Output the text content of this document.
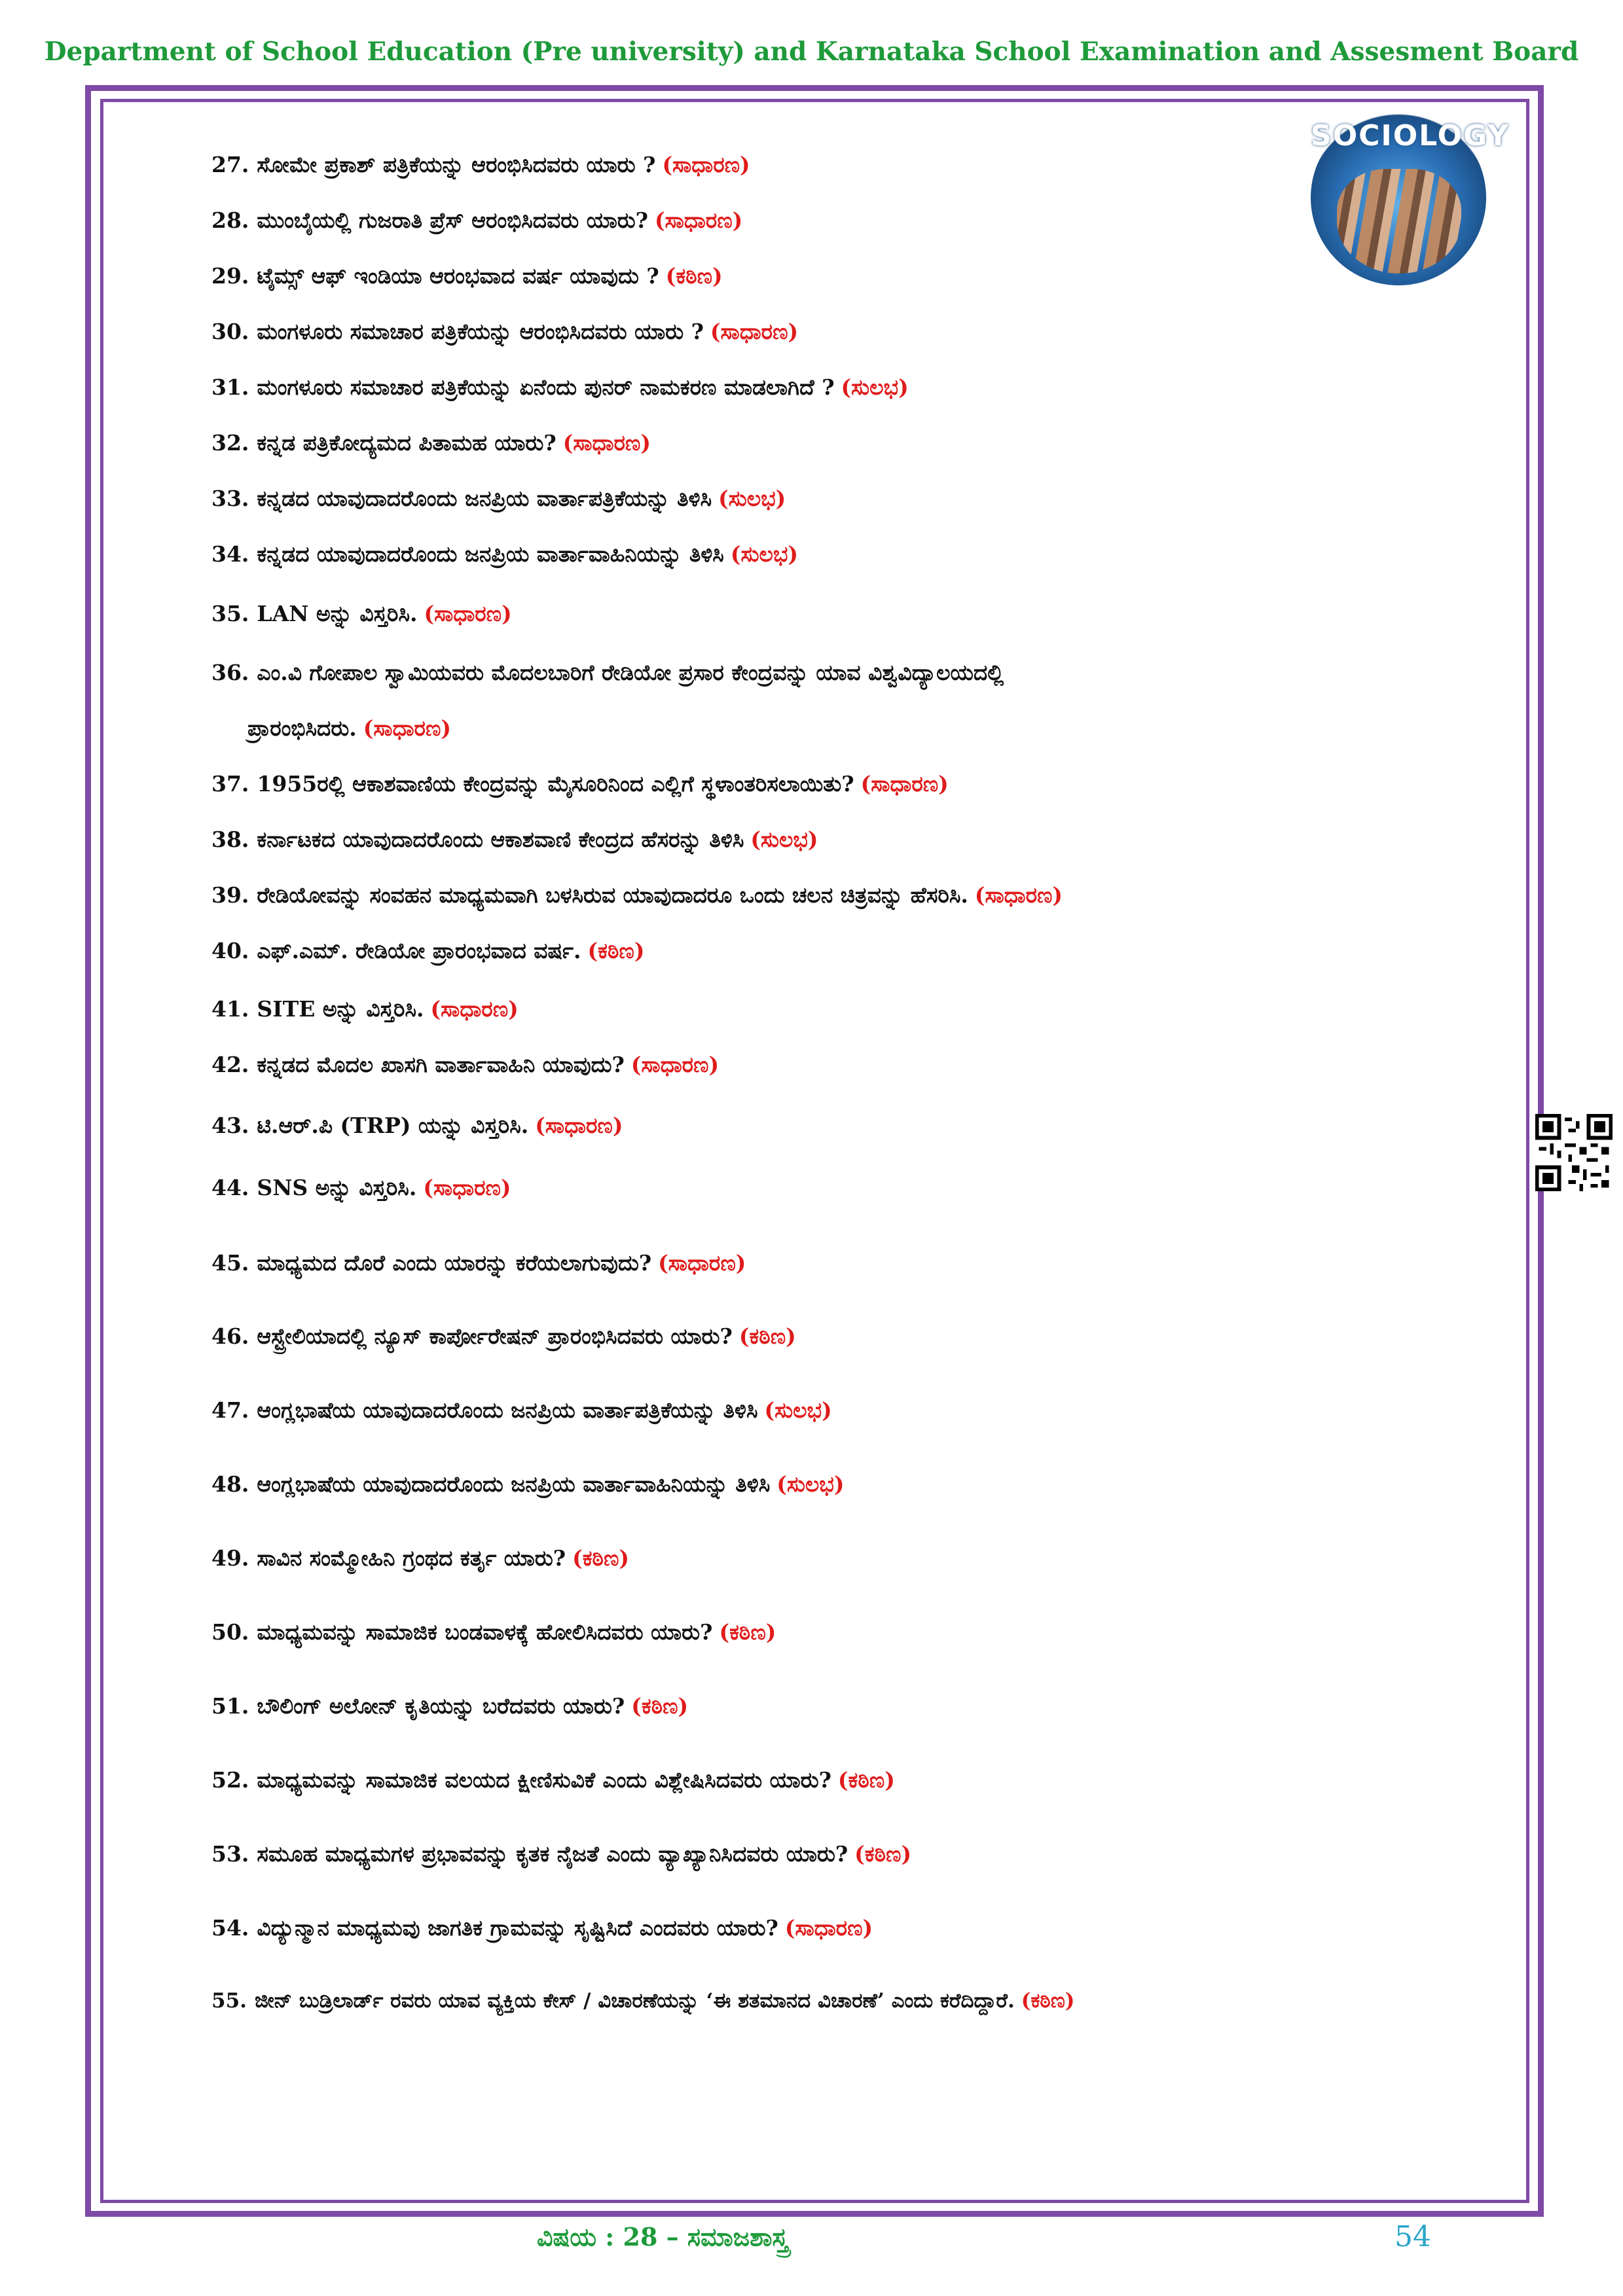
Department of School Education (Pre university) and Karnataka School Examination and Assesment Board
SOCIOLOGY
27. ಸೋಮೇ ಪ್ರಕಾಶ್ ಪತ್ರಿಕೆಯನ್ನು ಆರಂಭಿಸಿದವರು ಯಾರು ? (ಸಾಧಾರಣ)
28. ಮುಂಬೈಯಲ್ಲಿ ಗುಜರಾತಿ ಪ್ರೆಸ್ ಆರಂಭಿಸಿದವರು ಯಾರು? (ಸಾಧಾರಣ)
29. ಟೈಮ್ಸ್ ಆಫ್ ಇಂಡಿಯಾ ಆರಂಭವಾದ ವರ್ಷ ಯಾವುದು ? (ಕಠಿಣ)
30. ಮಂಗಳೂರು ಸಮಾಚಾರ ಪತ್ರಿಕೆಯನ್ನು ಆರಂಭಿಸಿದವರು ಯಾರು ? (ಸಾಧಾರಣ)
31. ಮಂಗಳೂರು ಸಮಾಚಾರ ಪತ್ರಿಕೆಯನ್ನು ಏನೆಂದು ಪುನರ್ ನಾಮಕರಣ ಮಾಡಲಾಗಿದೆ ? (ಸುಲಭ)
32. ಕನ್ನಡ ಪತ್ರಿಕೋದ್ಯಮದ ಪಿತಾಮಹ ಯಾರು? (ಸಾಧಾರಣ)
33. ಕನ್ನಡದ ಯಾವುದಾದರೊಂದು ಜನಪ್ರಿಯ ವಾರ್ತಾಪತ್ರಿಕೆಯನ್ನು ತಿಳಿಸಿ (ಸುಲಭ)
34. ಕನ್ನಡದ ಯಾವುದಾದರೊಂದು ಜನಪ್ರಿಯ ವಾರ್ತಾವಾಹಿನಿಯನ್ನು ತಿಳಿಸಿ (ಸುಲಭ)
35. LAN ಅನ್ನು ವಿಸ್ತರಿಸಿ. (ಸಾಧಾರಣ)
36. ಎಂ.ವಿ ಗೋಪಾಲ ಸ್ವಾಮಿಯವರು ಮೊದಲಬಾರಿಗೆ ರೇಡಿಯೋ ಪ್ರಸಾರ ಕೇಂದ್ರವನ್ನು ಯಾವ ವಿಶ್ವವಿದ್ಯಾಲಯದಲ್ಲಿ
ಪ್ರಾರಂಭಿಸಿದರು. (ಸಾಧಾರಣ)
37. 1955ರಲ್ಲಿ ಆಕಾಶವಾಣಿಯ ಕೇಂದ್ರವನ್ನು ಮೈಸೂರಿನಿಂದ ಎಲ್ಲಿಗೆ ಸ್ಥಳಾಂತರಿಸಲಾಯಿತು? (ಸಾಧಾರಣ)
38. ಕರ್ನಾಟಕದ ಯಾವುದಾದರೊಂದು ಆಕಾಶವಾಣಿ ಕೇಂದ್ರದ ಹೆಸರನ್ನು ತಿಳಿಸಿ (ಸುಲಭ)
39. ರೇಡಿಯೋವನ್ನು ಸಂವಹನ ಮಾಧ್ಯಮವಾಗಿ ಬಳಸಿರುವ ಯಾವುದಾದರೂ ಒಂದು ಚಲನ ಚಿತ್ರವನ್ನು ಹೆಸರಿಸಿ. (ಸಾಧಾರಣ)
40. ಎಫ್.ಎಮ್. ರೇಡಿಯೋ ಪ್ರಾರಂಭವಾದ ವರ್ಷ. (ಕಠಿಣ)
41. SITE ಅನ್ನು ವಿಸ್ತರಿಸಿ. (ಸಾಧಾರಣ)
42. ಕನ್ನಡದ ಮೊದಲ ಖಾಸಗಿ ವಾರ್ತಾವಾಹಿನಿ ಯಾವುದು? (ಸಾಧಾರಣ)
43. ಟಿ.ಆರ್.ಪಿ (TRP) ಯನ್ನು ವಿಸ್ತರಿಸಿ. (ಸಾಧಾರಣ)
44. SNS ಅನ್ನು ವಿಸ್ತರಿಸಿ. (ಸಾಧಾರಣ)
45. ಮಾಧ್ಯಮದ ದೊರೆ ಎಂದು ಯಾರನ್ನು ಕರೆಯಲಾಗುವುದು? (ಸಾಧಾರಣ)
46. ಆಸ್ಟ್ರೇಲಿಯಾದಲ್ಲಿ ನ್ಯೂಸ್ ಕಾರ್ಪೋರೇಷನ್ ಪ್ರಾರಂಭಿಸಿದವರು ಯಾರು? (ಕಠಿಣ)
47. ಆಂಗ್ಲಭಾಷೆಯ ಯಾವುದಾದರೊಂದು ಜನಪ್ರಿಯ ವಾರ್ತಾಪತ್ರಿಕೆಯನ್ನು ತಿಳಿಸಿ (ಸುಲಭ)
48. ಆಂಗ್ಲಭಾಷೆಯ ಯಾವುದಾದರೊಂದು ಜನಪ್ರಿಯ ವಾರ್ತಾವಾಹಿನಿಯನ್ನು ತಿಳಿಸಿ (ಸುಲಭ)
49. ಸಾವಿನ ಸಂಮ್ಮೋಹಿನಿ ಗ್ರಂಥದ ಕರ್ತೃ ಯಾರು? (ಕಠಿಣ)
50. ಮಾಧ್ಯಮವನ್ನು ಸಾಮಾಜಿಕ ಬಂಡವಾಳಕ್ಕೆ ಹೋಲಿಸಿದವರು ಯಾರು? (ಕಠಿಣ)
51. ಬೌಲಿಂಗ್ ಅಲೋನ್ ಕೃತಿಯನ್ನು ಬರೆದವರು ಯಾರು? (ಕಠಿಣ)
52. ಮಾಧ್ಯಮವನ್ನು ಸಾಮಾಜಿಕ ವಲಯದ ಕ್ಷೀಣಿಸುವಿಕೆ ಎಂದು ವಿಶ್ಲೇಷಿಸಿದವರು ಯಾರು? (ಕಠಿಣ)
53. ಸಮೂಹ ಮಾಧ್ಯಮಗಳ ಪ್ರಭಾವವನ್ನು ಕೃತಕ ನೈಜತೆ ಎಂದು ವ್ಯಾಖ್ಯಾನಿಸಿದವರು ಯಾರು? (ಕಠಿಣ)
54. ವಿದ್ಯುನ್ಮಾನ ಮಾಧ್ಯಮವು ಜಾಗತಿಕ ಗ್ರಾಮವನ್ನು ಸೃಷ್ಟಿಸಿದೆ ಎಂದವರು ಯಾರು? (ಸಾಧಾರಣ)
55. ಜೀನ್ ಬುಡ್ರಿಲಾರ್ಡ್ ರವರು ಯಾವ ವ್ಯಕ್ತಿಯ ಕೇಸ್ / ವಿಚಾರಣೆಯನ್ನು ‘ಈ ಶತಮಾನದ ವಿಚಾರಣೆ’ ಎಂದು ಕರೆದಿದ್ದಾರೆ. (ಕಠಿಣ)
ವಿಷಯ : 28 – ಸಮಾಜಶಾಸ್ತ್ರ	54
